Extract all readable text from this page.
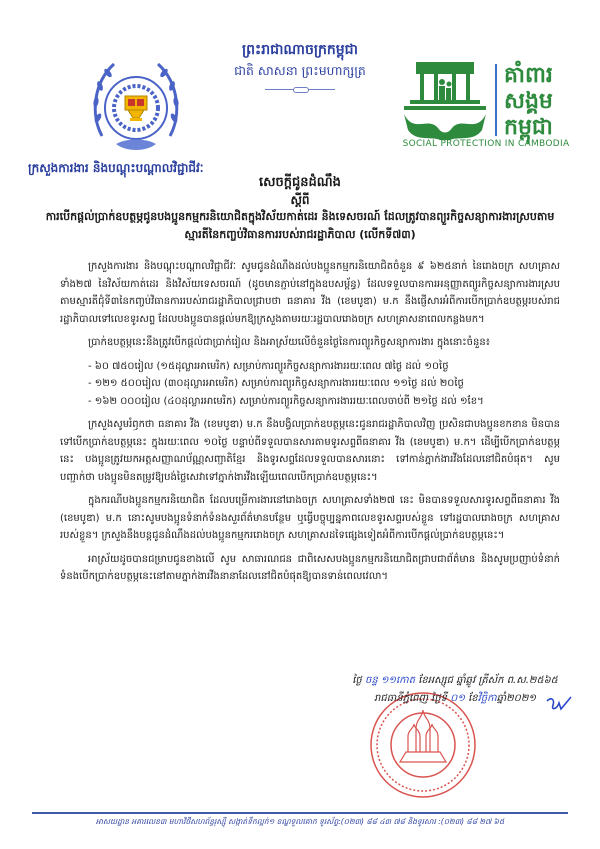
ព្រះរាជាណាចក្រកម្ពុជា
ជាតិ សាសនា ព្រះមហាក្សត្រ	គាំពារ
សង្គម
កម្ពុជា
SOCIAL PROTECTION IN CAMBODIA
ក្រសួងការងារ និងបណ្តុះបណ្តាលវិជ្ជាជីវៈ
សេចក្តីជូនដំណឹង
ស្តីពី
ការបើកផ្តល់ប្រាក់ឧបត្ថម្ភជូនបងប្អូនកម្មករនិយោជិតក្នុងវិស័យកាត់ដេរ និងទេសចរណ៍ ដែលត្រូវបានព្យួរកិច្ចសន្យាការងារស្របតាមស្មារតីនៃកញ្ចប់វិធានការរបស់រាជរដ្ឋាភិបាល (លើកទី៧៣)

ក្រសួងការងារ និងបណ្តុះបណ្តាលវិជ្ជាជីវៈ សូមជូនដំណឹងដល់បងប្អូនកម្មករនិយោជិតចំនួន ៩ ៦២៥នាក់ នៃរោងចក្រ សហគ្រាសទាំង២៧ នៃវិស័យកាត់ដេរ និងវិស័យទេសចរណ៍ (ដូចមានភ្ជាប់នៅក្នុងឧបសម្ព័ន្ធ) ដែលទទួលបានការអនុញ្ញាតព្យួរកិច្ចសន្យាការងារស្របតាមស្មារតីជុំទី៣នៃកញ្ចប់វិធានការរបស់រាជរដ្ឋាភិបាលជ្រាបថា ធនាគារ វីង (ខេមបូឌា) ម.ក នឹងផ្ញើសារអំពីការបើកប្រាក់ឧបត្ថម្ភរបស់រាជរដ្ឋាភិបាលទៅលេខទូរសព្ទ ដែលបងប្អូនបានផ្តល់មកឱ្យក្រសួងតាមរយៈរដ្ឋបាលរោងចក្រ សហគ្រាសនាពេលកន្លងមក។

ប្រាក់ឧបត្ថម្ភនេះនឹងត្រូវបើកផ្តល់ជាប្រាក់រៀល និងអាស្រ័យលើចំនួនថ្ងៃនៃការព្យួរកិច្ចសន្យាការងារ ក្នុងនោះចំនួន៖

- ៦០ ៧៥០រៀល (១៥ដុល្លារអាមេរិក) សម្រាប់ការព្យួរកិច្ចសន្យាការងាររយៈពេល ៧ថ្ងៃ ដល់ ១០ថ្ងៃ
- ១២១ ៥០០រៀល (៣០ដុល្លារអាមេរិក) សម្រាប់ការព្យួរកិច្ចសន្យាការងាររយៈពេល ១១ថ្ងៃ ដល់ ២០ថ្ងៃ
- ១៦២ ០០០រៀល (៤០ដុល្លារអាមេរិក) សម្រាប់ការព្យួរកិច្ចសន្យាការងាររយៈពេលចាប់ពី ២១ថ្ងៃ ដល់ ១ខែ។

ក្រសួងសូមរំឭកថា ធនាគារ វីង (ខេមបូឌា) ម.ក នឹងបង្វិលប្រាក់ឧបត្ថម្ភនេះជូនរាជរដ្ឋាភិបាលវិញ ប្រសិនជាបងប្អូនខកខាន មិនបានទៅបើកប្រាក់ឧបត្ថម្ភនេះ ក្នុងរយៈពេល ១០ថ្ងៃ បន្ទាប់ពីទទួលបានសារតាមទូរសព្ទពីធនាគារ វីង (ខេមបូឌា) ម.ក។ ដើម្បីបើកប្រាក់ឧបត្ថម្ភនេះ បងប្អូនត្រូវយកអត្តសញ្ញាណប័ណ្ណសញ្ជាតិខ្មែរ និងទូរសព្ទដែលទទួលបានសារនោះ ទៅកាន់ភ្នាក់ងារវីងដែលនៅជិតបំផុត។ សូមបញ្ជាក់ថា បងប្អូនមិនតម្រូវឱ្យបង់ថ្លៃសេវាទៅភ្នាក់ងារវីងឡើយពេលបើកប្រាក់ឧបត្ថម្ភនេះ។

ក្នុងករណីបងប្អូនកម្មករនិយោជិត ដែលបម្រើការងារនៅរោងចក្រ សហគ្រាសទាំង២៧ នេះ មិនបានទទួលសារទូរសព្ទពីធនាគារ វីង (ខេមបូឌា) ម.ក នោះសូមបងប្អូនទំនាក់ទំនងសួរព័ត៌មានបន្ថែម ឬធ្វើបច្ចុប្បន្នភាពលេខទូរសព្ទរបស់ខ្លួន ទៅរដ្ឋបាលរោងចក្រ សហគ្រាសរបស់ខ្លួន។ ក្រសួងនឹងបន្តជូនដំណឹងដល់បងប្អូនកម្មកររោងចក្រ សហគ្រាសដទៃផ្សេងទៀតអំពីការបើកផ្តល់ប្រាក់ឧបត្ថម្ភនេះ។

អាស្រ័យដូចបានជម្រាបជូនខាងលើ សូម សាធារណជន ជាពិសេសបងប្អូនកម្មករនិយោជិតជ្រាបជាព័ត៌មាន និងសូមប្រញាប់ទំនាក់ទំនងបើកប្រាក់ឧបត្ថម្ភនេះនៅតាមភ្នាក់ងារវីងនានាដែលនៅជិតបំផុតឱ្យបានទាន់ពេលវេលា។

ថ្ងៃ ចន្ទ ១១កោត ខែអស្សុជ ឆ្នាំឆ្លូវ ត្រីស័ក ព.ស.២៥៦៥
រាជធានីភ្នំពេញ ថ្ងៃទី ០១ ខែវិច្ឆិកាឆ្នាំ២០២១
អាសយដ្ឋាន អគារលេខ៣ មហាវិថីសហព័ន្ធរុស្ស៊ី សង្កាត់ទឹកល្អក់១ ខណ្ឌទួលគោក ទូរស័ព្ទ:(០២៣) ៨៨ ៤៣ ៧៨ និងទូរសារ :(០២៣) ៨៨ ២៧ ៦៥
